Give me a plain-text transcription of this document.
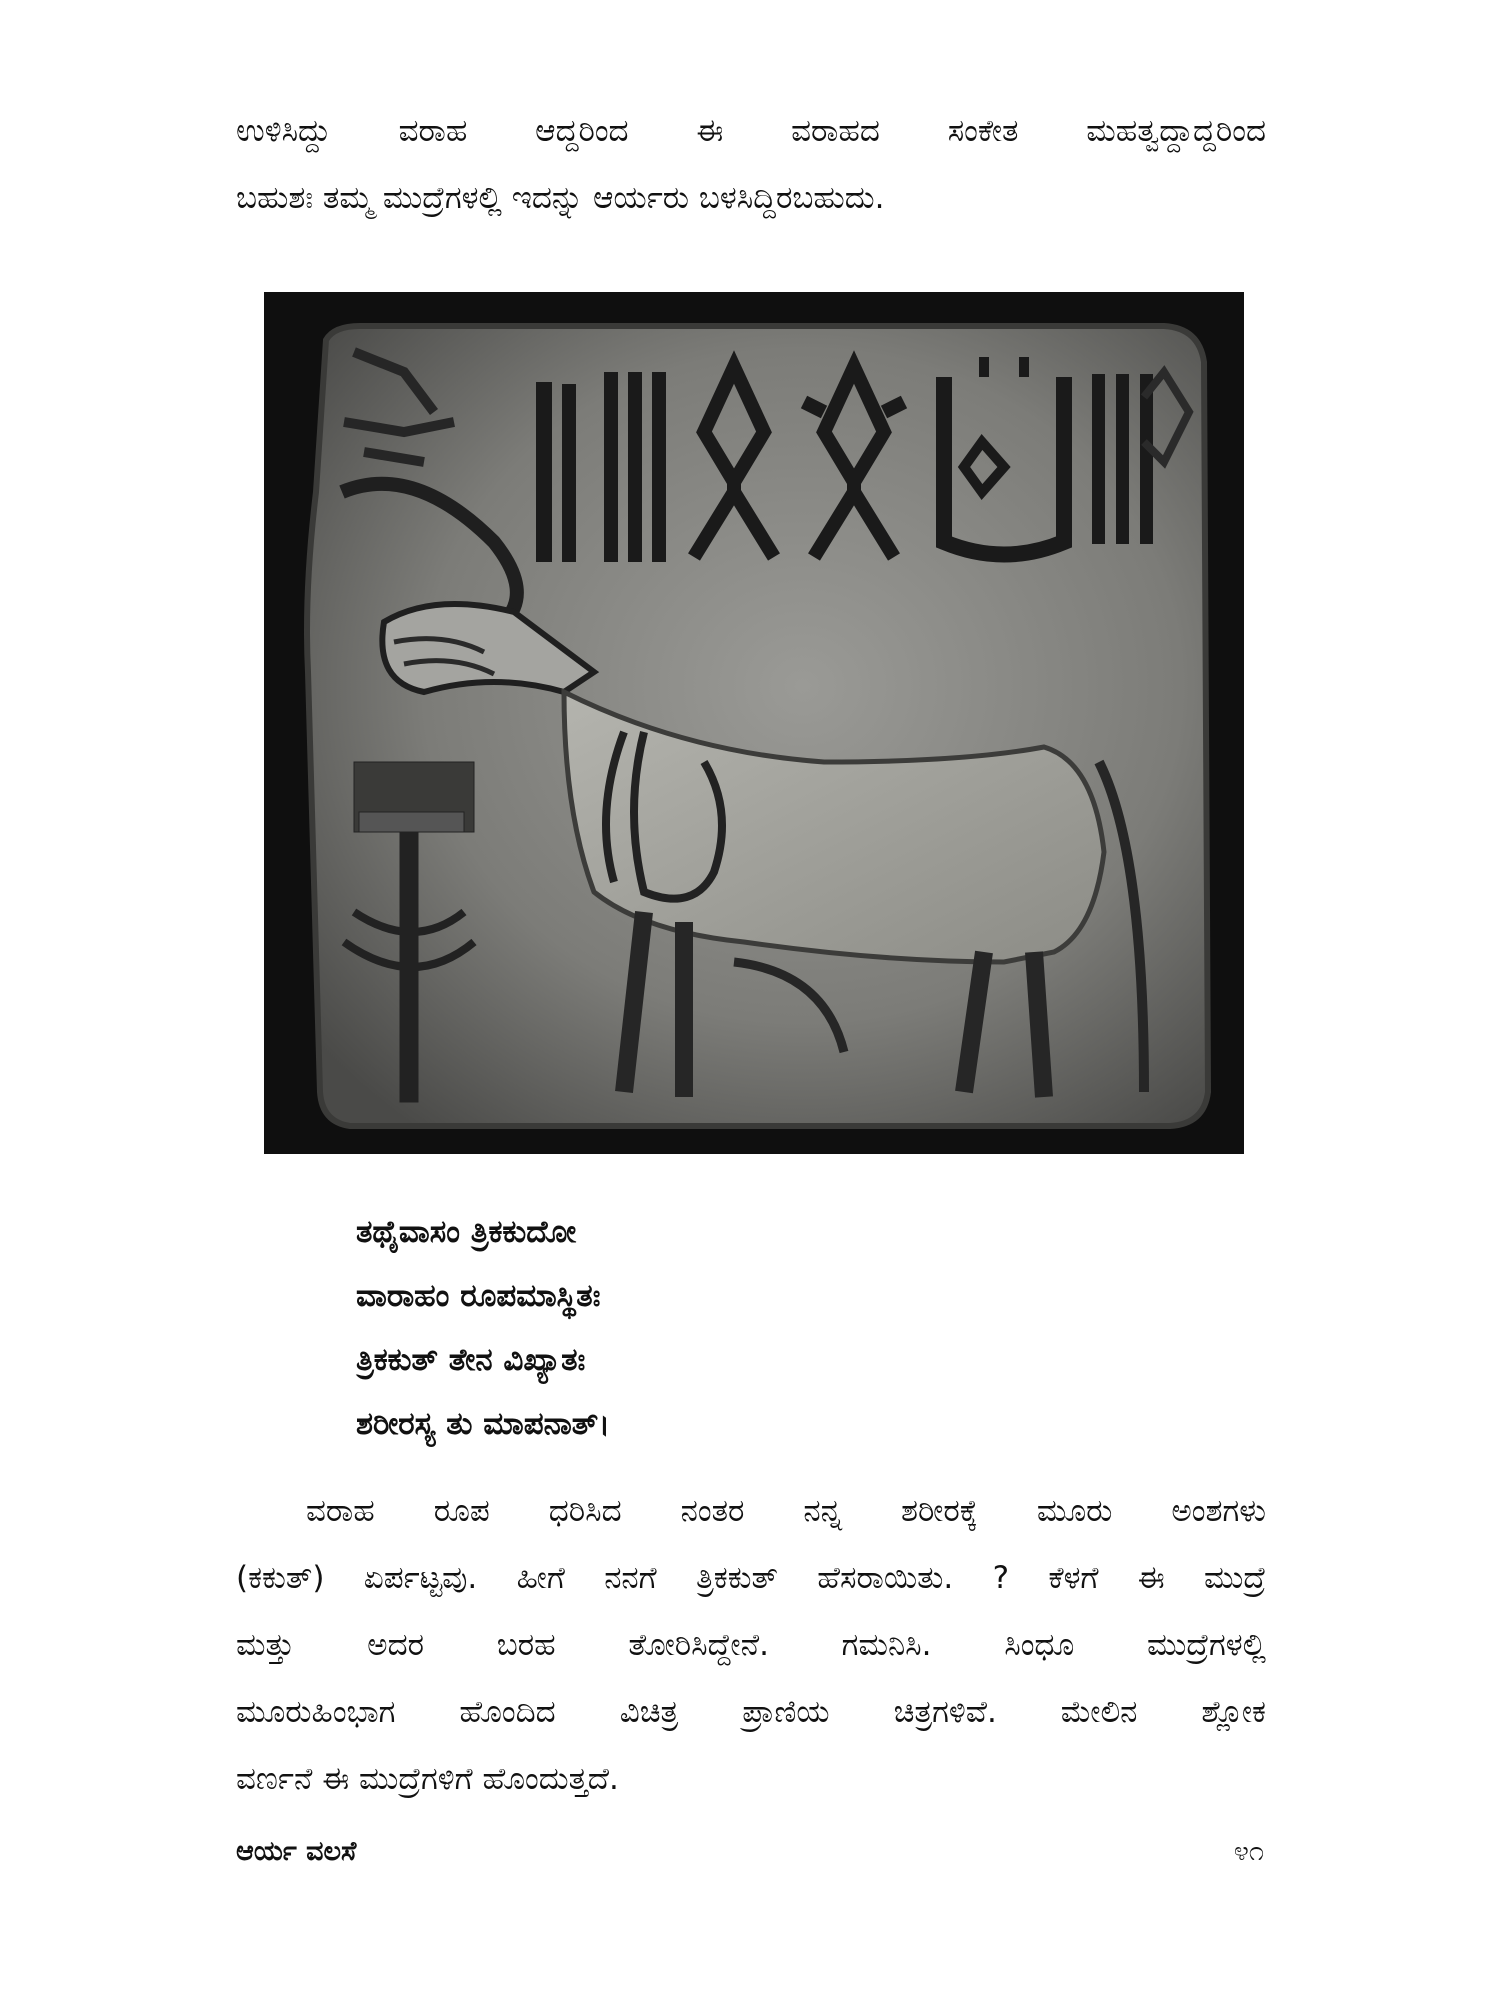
ಉಳಿಸಿದ್ದು ವರಾಹ ಆದ್ದರಿಂದ ಈ ವರಾಹದ ಸಂಕೇತ ಮಹತ್ವದ್ದಾದ್ದರಿಂದ

ಬಹುಶಃ ತಮ್ಮ ಮುದ್ರೆಗಳಲ್ಲಿ ಇದನ್ನು ಆರ್ಯರು ಬಳಸಿದ್ದಿರಬಹುದು.

ತಥೈವಾಸಂ ತ್ರಿಕಕುದೋ
ವಾರಾಹಂ ರೂಪಮಾಸ್ಥಿತಃ
ತ್ರಿಕಕುತ್ ತೇನ ವಿಖ್ಯಾತಃ
ಶರೀರಸ್ಯ ತು ಮಾಪನಾತ್।

ವರಾಹ ರೂಪ ಧರಿಸಿದ ನಂತರ ನನ್ನ ಶರೀರಕ್ಕೆ ಮೂರು ಅಂಶಗಳು
(ಕಕುತ್) ಏರ್ಪಟ್ಟವು. ಹೀಗೆ ನನಗೆ ತ್ರಿಕಕುತ್ ಹೆಸರಾಯಿತು. ? ಕೆಳಗೆ ಈ ಮುದ್ರೆ
ಮತ್ತು ಅದರ ಬರಹ ತೋರಿಸಿದ್ದೇನೆ. ಗಮನಿಸಿ. ಸಿಂಧೂ ಮುದ್ರೆಗಳಲ್ಲಿ
ಮೂರುಹಿಂಭಾಗ ಹೊಂದಿದ ವಿಚಿತ್ರ ಪ್ರಾಣಿಯ ಚಿತ್ರಗಳಿವೆ. ಮೇಲಿನ ಶ್ಲೋಕ

ವರ್ಣನೆ ಈ ಮುದ್ರೆಗಳಿಗೆ ಹೊಂದುತ್ತದೆ.

ಆರ್ಯ ವಲಸೆ	೪೧
